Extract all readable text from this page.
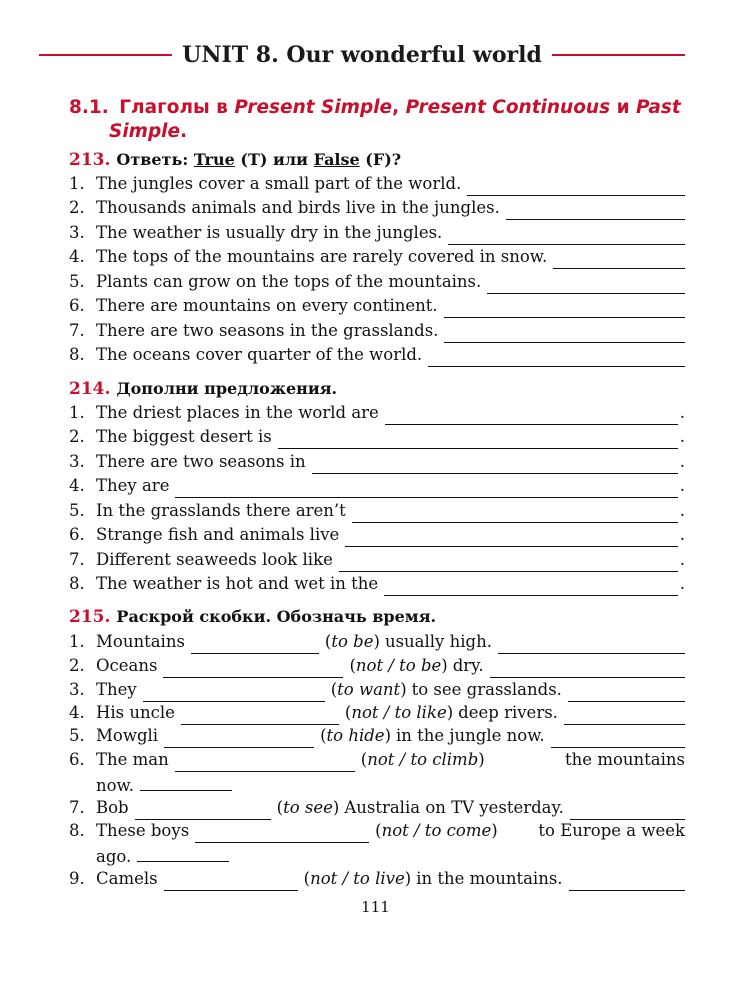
UNIT 8. Our wonderful world
8.1. Глаголы в Present Simple, Present Continuous и Past
Simple.
213. Ответь: True (T) или False (F)?
1. The jungles cover a small part of the world.
2. Thousands animals and birds live in the jungles.
3. The weather is usually dry in the jungles.
4. The tops of the mountains are rarely covered in snow.
5. Plants can grow on the tops of the mountains.
6. There are mountains on every continent.
7. There are two seasons in the grasslands.
8. The oceans cover quarter of the world.
214. Дополни предложения.
1. The driest places in the world are	.
2. The biggest desert is	.
3. There are two seasons in	.
4. They are	.
5. In the grasslands there aren’t	.
6. Strange fish and animals live	.
7. Different seaweeds look like	.
8. The weather is hot and wet in the	.
215. Раскрой скобки. Обозначь время.
1. Mountains	( to be ) usually high.
2. Oceans	( not / to be ) dry.
3. They	( to want ) to see grasslands.
4. His uncle	( not / to like ) deep rivers.
5. Mowgli	( to hide ) in the jungle now.
6. The man	( not / to climb )	the mountains
now.
7. Bob	( to see ) Australia on TV yesterday.
8. These boys	( not / to come )	to Europe a week
ago.
9. Camels	( not / to live ) in the mountains.
111
